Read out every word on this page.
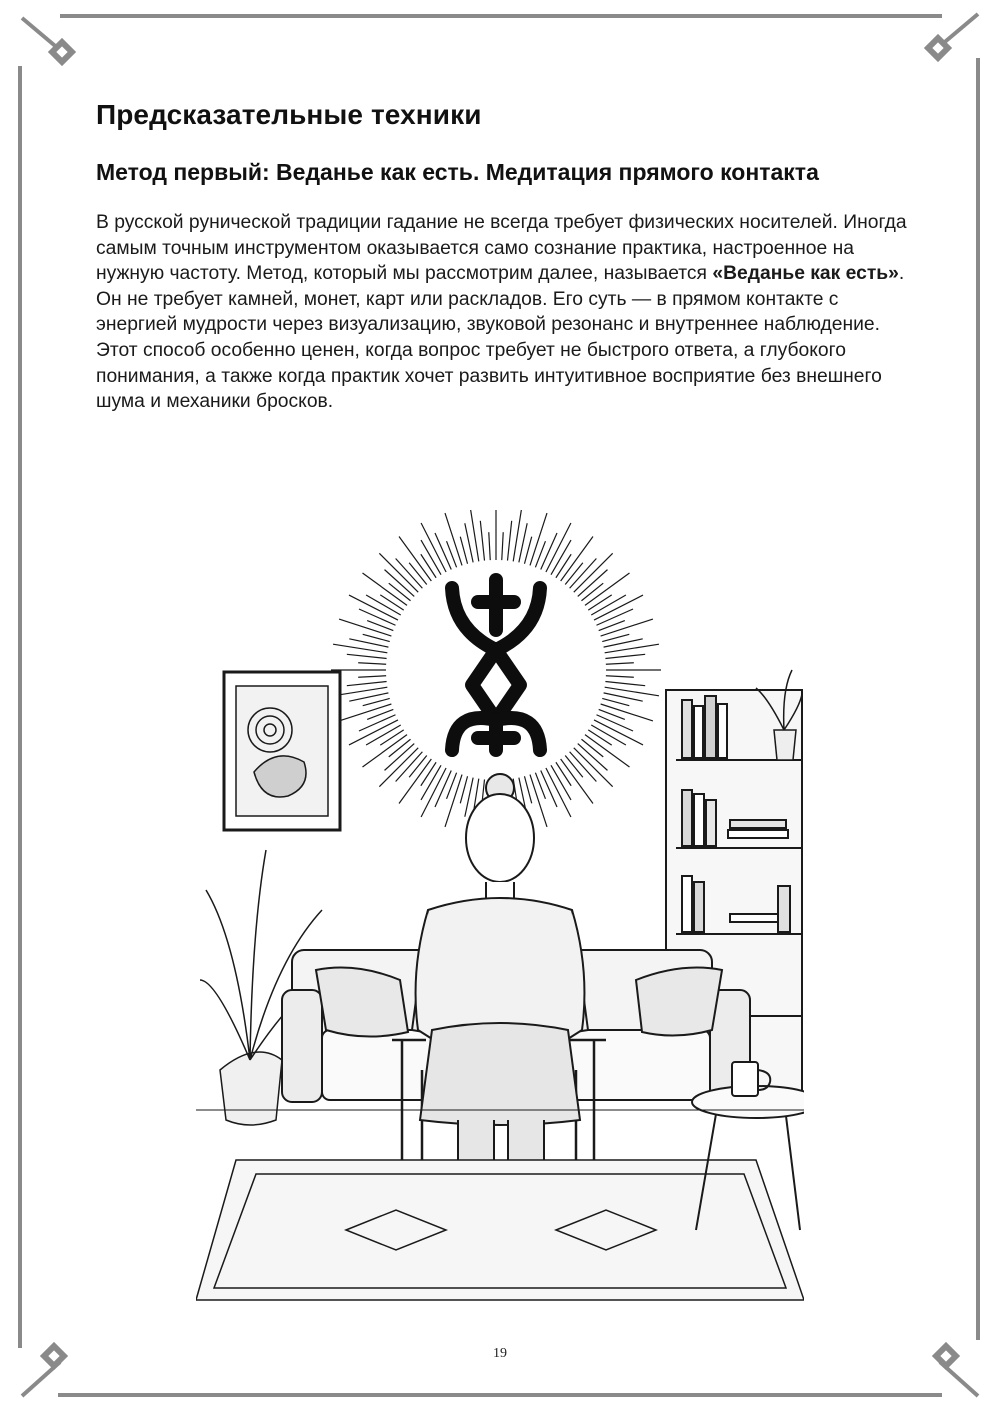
Предсказательные техники
Метод первый: Веданье как есть. Медитация прямого контакта

В русской рунической традиции гадание не всегда требует физических носителей. Иногда самым точным инструментом оказывается само сознание практика, настроенное на нужную частоту. Метод, который мы рассмотрим далее, называется «Веданье как есть». Он не требует камней, монет, карт или раскладов. Его суть — в прямом контакте с энергией мудрости через визуализацию, звуковой резонанс и внутреннее наблюдение. Этот способ особенно ценен, когда вопрос требует не быстрого ответа, а глубокого понимания, а также когда практик хочет развить интуитивное восприятие без внешнего шума и механики бросков.

19
